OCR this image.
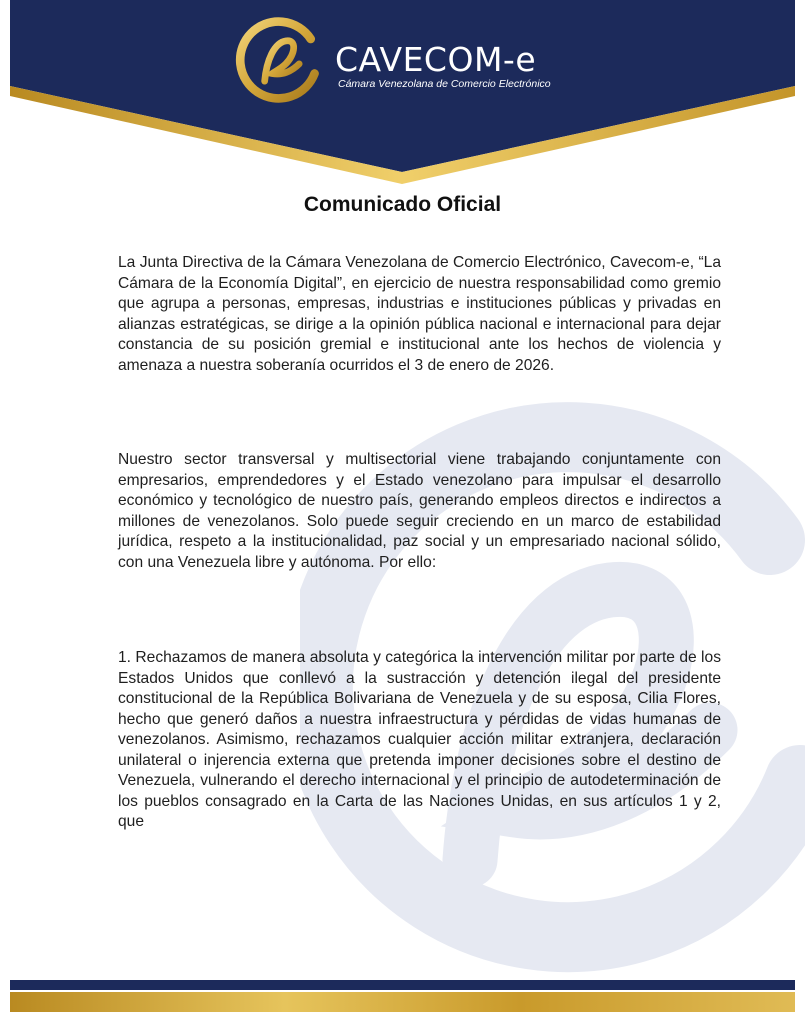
CAVECOM-e
Cámara Venezolana de Comercio Electrónico
Comunicado Oficial

La Junta Directiva de la Cámara Venezolana de Comercio Electrónico, Cavecom-e, “La Cámara de la Economía Digital”, en ejercicio de nuestra responsabilidad como gremio que agrupa a personas, empresas, industrias e instituciones públicas y privadas en alianzas estratégicas, se dirige a la opinión pública nacional e internacional para dejar constancia de su posición gremial e institucional ante los hechos de violencia y amenaza a nuestra soberanía ocurridos el 3 de enero de 2026.

Nuestro sector transversal y multisectorial viene trabajando conjuntamente con empresarios, emprendedores y el Estado venezolano para impulsar el desarrollo económico y tecnológico de nuestro país, generando empleos directos e indirectos a millones de venezolanos. Solo puede seguir creciendo en un marco de estabilidad jurídica, respeto a la institucionalidad, paz social y un empresariado nacional sólido, con una Venezuela libre y autónoma. Por ello:

1. Rechazamos de manera absoluta y categórica la intervención militar por parte de los Estados Unidos que conllevó a la sustracción y detención ilegal del presidente constitucional de la República Bolivariana de Venezuela y de su esposa, Cilia Flores, hecho que generó daños a nuestra infraestructura y pérdidas de vidas humanas de venezolanos. Asimismo, rechazamos cualquier acción militar extranjera, declaración unilateral o injerencia externa que pretenda imponer decisiones sobre el destino de Venezuela, vulnerando el derecho internacional y el principio de autodeterminación de los pueblos consagrado en la Carta de las Naciones Unidas, en sus artículos 1 y 2, que
